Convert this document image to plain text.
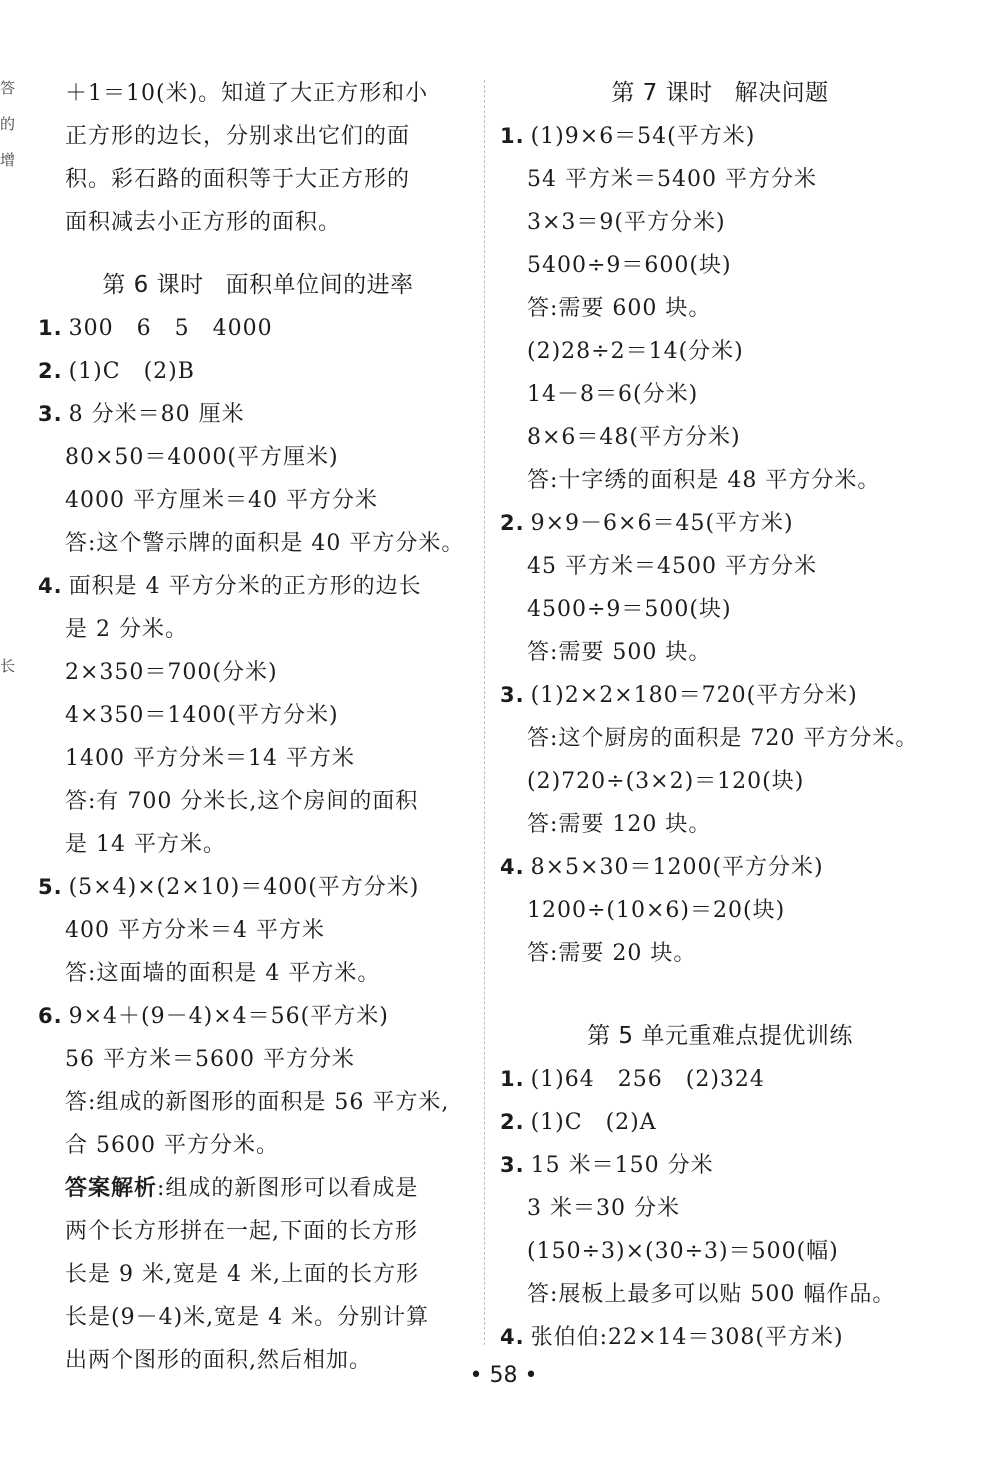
答
的
增
长
＋1＝10(米)。知道了大正方形和小
正方形的边长，分别求出它们的面
积。彩石路的面积等于大正方形的
面积减去小正方形的面积。
第 6 课时 面积单位间的进率
1. 300　6　5　4000
2. (1)C　(2)B
3. 8 分米＝80 厘米
80×50＝4000(平方厘米)
4000 平方厘米＝40 平方分米
答:这个警示牌的面积是 40 平方分米。
4. 面积是 4 平方分米的正方形的边长
是 2 分米。
2×350＝700(分米)
4×350＝1400(平方分米)
1400 平方分米＝14 平方米
答:有 700 分米长,这个房间的面积
是 14 平方米。
5. (5×4)×(2×10)＝400(平方分米)
400 平方分米＝4 平方米
答:这面墙的面积是 4 平方米。
6. 9×4＋(9－4)×4＝56(平方米)
56 平方米＝5600 平方分米
答:组成的新图形的面积是 56 平方米,
合 5600 平方分米。
答案解析:组成的新图形可以看成是
两个长方形拼在一起,下面的长方形
长是 9 米,宽是 4 米,上面的长方形
长是(9－4)米,宽是 4 米。分别计算
出两个图形的面积,然后相加。
第 7 课时 解决问题
1. (1)9×6＝54(平方米)
54 平方米＝5400 平方分米
3×3＝9(平方分米)
5400÷9＝600(块)
答:需要 600 块。
(2)28÷2＝14(分米)
14－8＝6(分米)
8×6＝48(平方分米)
答:十字绣的面积是 48 平方分米。
2. 9×9－6×6＝45(平方米)
45 平方米＝4500 平方分米
4500÷9＝500(块)
答:需要 500 块。
3. (1)2×2×180＝720(平方分米)
答:这个厨房的面积是 720 平方分米。
(2)720÷(3×2)＝120(块)
答:需要 120 块。
4. 8×5×30＝1200(平方分米)
1200÷(10×6)＝20(块)
答:需要 20 块。
第 5 单元重难点提优训练
1. (1)64　256　(2)324
2. (1)C　(2)A
3. 15 米＝150 分米
3 米＝30 分米
(150÷3)×(30÷3)＝500(幅)
答:展板上最多可以贴 500 幅作品。
4. 张伯伯:22×14＝308(平方米)
• 58 •
